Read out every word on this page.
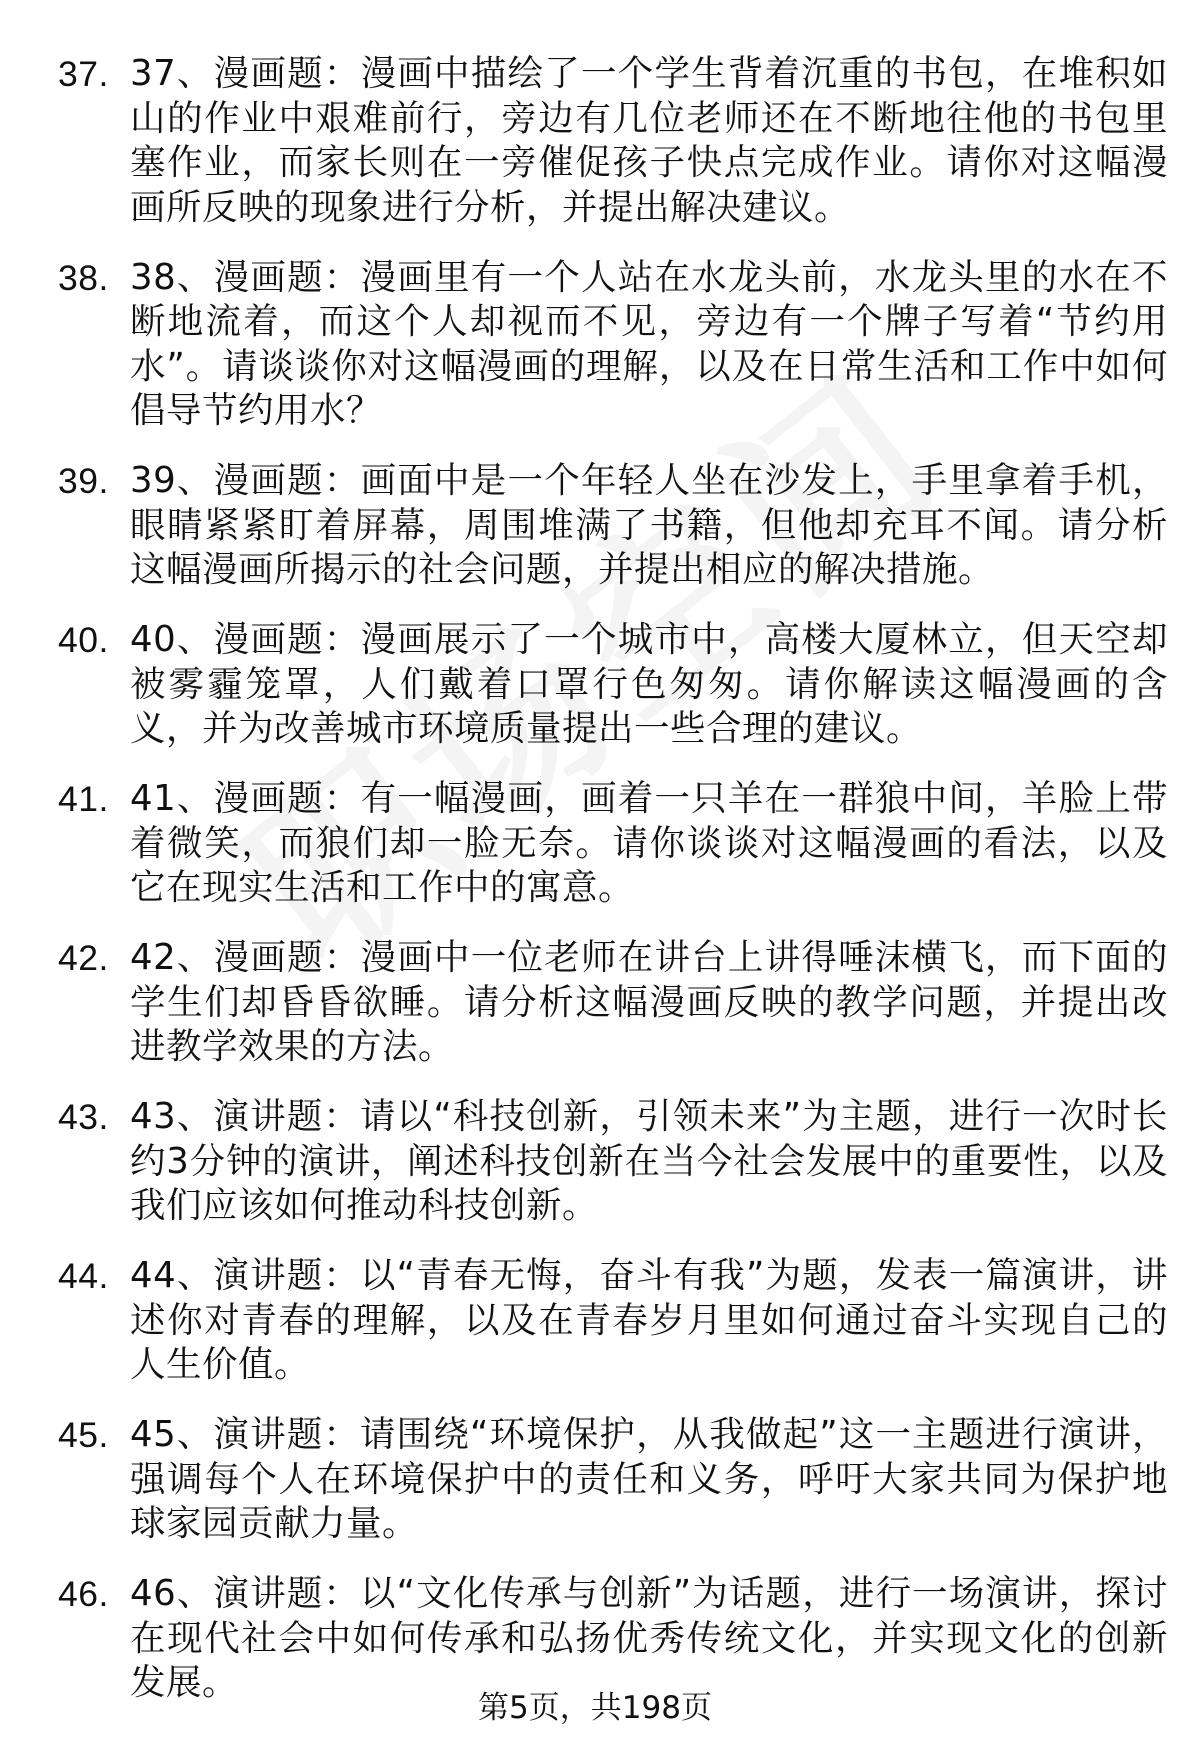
37. 37、漫画题：漫画中描绘了一个学生背着沉重的书包，在堆积如山的作业中艰难前行，旁边有几位老师还在不断地往他的书包里塞作业，而家长则在一旁催促孩子快点完成作业。请你对这幅漫画所反映的现象进行分析，并提出解决建议。
38. 38、漫画题：漫画里有一个人站在水龙头前，水龙头里的水在不断地流着，而这个人却视而不见，旁边有一个牌子写着“节约用水”。请谈谈你对这幅漫画的理解，以及在日常生活和工作中如何倡导节约用水？
39. 39、漫画题：画面中是一个年轻人坐在沙发上，手里拿着手机，眼睛紧紧盯着屏幕，周围堆满了书籍，但他却充耳不闻。请分析这幅漫画所揭示的社会问题，并提出相应的解决措施。
40. 40、漫画题：漫画展示了一个城市中，高楼大厦林立，但天空却被雾霾笼罩，人们戴着口罩行色匆匆。请你解读这幅漫画的含义，并为改善城市环境质量提出一些合理的建议。
41. 41、漫画题：有一幅漫画，画着一只羊在一群狼中间，羊脸上带着微笑，而狼们却一脸无奈。请你谈谈对这幅漫画的看法，以及它在现实生活和工作中的寓意。
42. 42、漫画题：漫画中一位老师在讲台上讲得唾沫横飞，而下面的学生们却昏昏欲睡。请分析这幅漫画反映的教学问题，并提出改进教学效果的方法。
43. 43、演讲题：请以“科技创新，引领未来”为主题，进行一次时长约3分钟的演讲，阐述科技创新在当今社会发展中的重要性，以及我们应该如何推动科技创新。
44. 44、演讲题：以“青春无悔，奋斗有我”为题，发表一篇演讲，讲述你对青春的理解，以及在青春岁月里如何通过奋斗实现自己的人生价值。
45. 45、演讲题：请围绕“环境保护，从我做起”这一主题进行演讲，强调每个人在环境保护中的责任和义务，呼吁大家共同为保护地球家园贡献力量。
46. 46、演讲题：以“文化传承与创新”为话题，进行一场演讲，探讨在现代社会中如何传承和弘扬优秀传统文化，并实现文化的创新发展。
第5页，共198页
